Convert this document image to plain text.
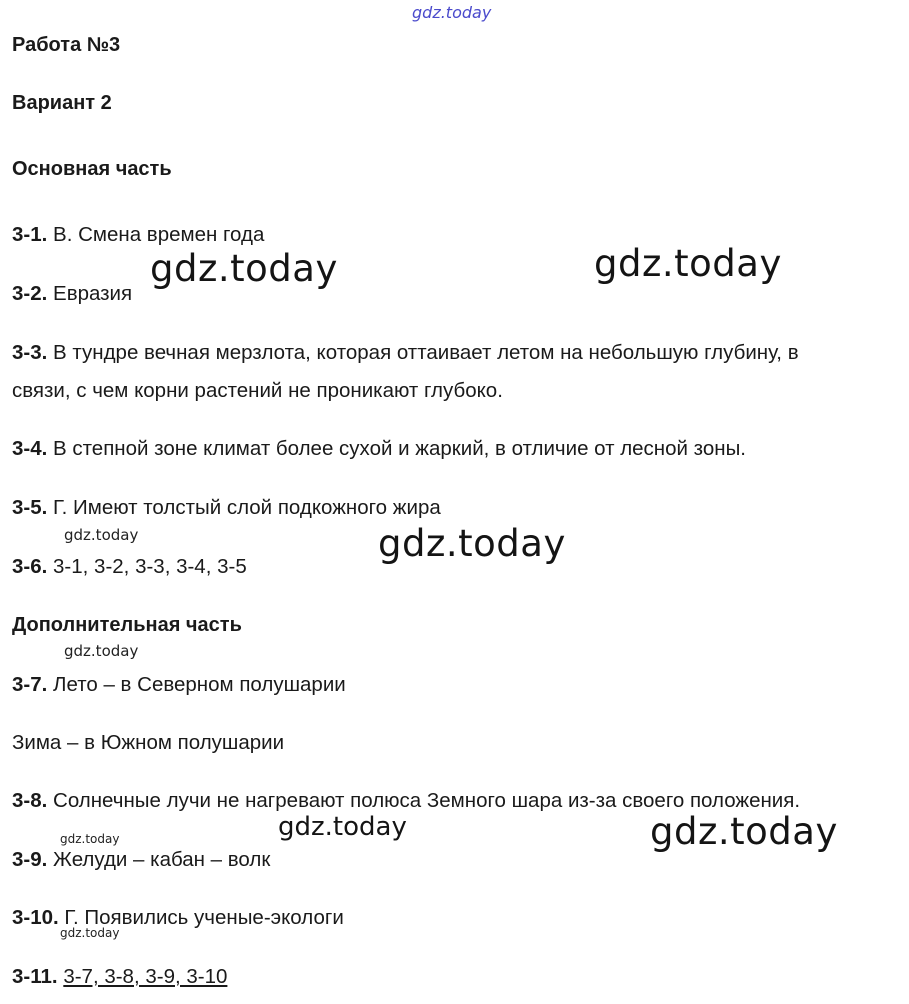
gdz.today
gdz.today	gdz.today
gdz.today	gdz.today
gdz.today
gdz.today	gdz.today
gdz.today
gdz.today
Работа №3
Вариант 2
Основная часть
3-1. В. Смена времен года
3-2. Евразия
3-3. В тундре вечная мерзлота, которая оттаивает летом на небольшую глубину, в
связи, с чем корни растений не проникают глубоко.
3-4. В степной зоне климат более сухой и жаркий, в отличие от лесной зоны.
3-5. Г. Имеют толстый слой подкожного жира
3-6. 3-1, 3-2, 3-3, 3-4, 3-5
Дополнительная часть
3-7. Лето – в Северном полушарии
Зима – в Южном полушарии
3-8. Солнечные лучи не нагревают полюса Земного шара из-за своего положения.
3-9. Желуди – кабан – волк
3-10. Г. Появились ученые-экологи
3-11. 3-7, 3-8, 3-9, 3-10
